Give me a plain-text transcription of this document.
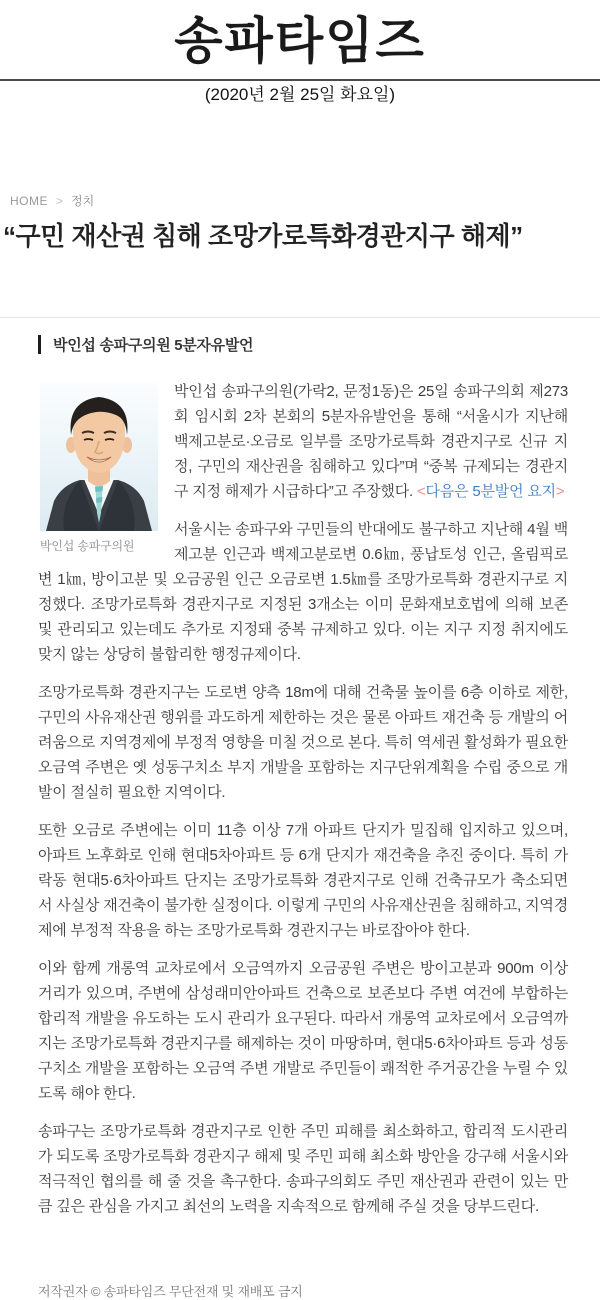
송파타임즈
(2020년 2월 25일 화요일)
HOME > 정치
“구민 재산권 침해 조망가로특화경관지구 해제”
박인섭 송파구의원 5분자유발언
박인섭 송파구의원

박인섭 송파구의원(가락2, 문정1동)은 25일 송파구의회 제273회 임시회 2차 본회의 5분자유발언을 통해 “서울시가 지난해 백제고분로·오금로 일부를 조망가로특화 경관지구로 신규 지정, 구민의 재산권을 침해하고 있다”며 “중복 규제되는 경관지구 지정 해제가 시급하다”고 주장했다. <다음은 5분발언 요지>

서울시는 송파구와 구민들의 반대에도 불구하고 지난해 4월 백제고분 인근과 백제고분로변 0.6㎞, 풍납토성 인근, 올림픽로변 1㎞, 방이고분 및 오금공원 인근 오금로변 1.5㎞를 조망가로특화 경관지구로 지정했다. 조망가로특화 경관지구로 지정된 3개소는 이미 문화재보호법에 의해 보존 및 관리되고 있는데도 추가로 지정돼 중복 규제하고 있다. 이는 지구 지정 취지에도 맞지 않는 상당히 불합리한 행정규제이다.

조망가로특화 경관지구는 도로변 양측 18m에 대해 건축물 높이를 6층 이하로 제한, 구민의 사유재산권 행위를 과도하게 제한하는 것은 물론 아파트 재건축 등 개발의 어려움으로 지역경제에 부정적 영향을 미칠 것으로 본다. 특히 역세권 활성화가 필요한 오금역 주변은 옛 성동구치소 부지 개발을 포함하는 지구단위계획을 수립 중으로 개발이 절실히 필요한 지역이다.

또한 오금로 주변에는 이미 11층 이상 7개 아파트 단지가 밀집해 입지하고 있으며, 아파트 노후화로 인해 현대5차아파트 등 6개 단지가 재건축을 추진 중이다. 특히 가락동 현대5·6차아파트 단지는 조망가로특화 경관지구로 인해 건축규모가 축소되면서 사실상 재건축이 불가한 실정이다. 이렇게 구민의 사유재산권을 침해하고, 지역경제에 부정적 작용을 하는 조망가로특화 경관지구는 바로잡아야 한다.

이와 함께 개롱역 교차로에서 오금역까지 오금공원 주변은 방이고분과 900m 이상 거리가 있으며, 주변에 삼성래미안아파트 건축으로 보존보다 주변 여건에 부합하는 합리적 개발을 유도하는 도시 관리가 요구된다. 따라서 개롱역 교차로에서 오금역까지는 조망가로특화 경관지구를 해제하는 것이 마땅하며, 현대5·6차아파트 등과 성동구치소 개발을 포함하는 오금역 주변 개발로 주민들이 쾌적한 주거공간을 누릴 수 있도록 해야 한다.

송파구는 조망가로특화 경관지구로 인한 주민 피해를 최소화하고, 합리적 도시관리가 되도록 조망가로특화 경관지구 해제 및 주민 피해 최소화 방안을 강구해 서울시와 적극적인 협의를 해 줄 것을 촉구한다. 송파구의회도 주민 재산권과 관련이 있는 만큼 깊은 관심을 가지고 최선의 노력을 지속적으로 함께해 주실 것을 당부드린다.

저작권자 © 송파타임즈 무단전재 및 재배포 금지
